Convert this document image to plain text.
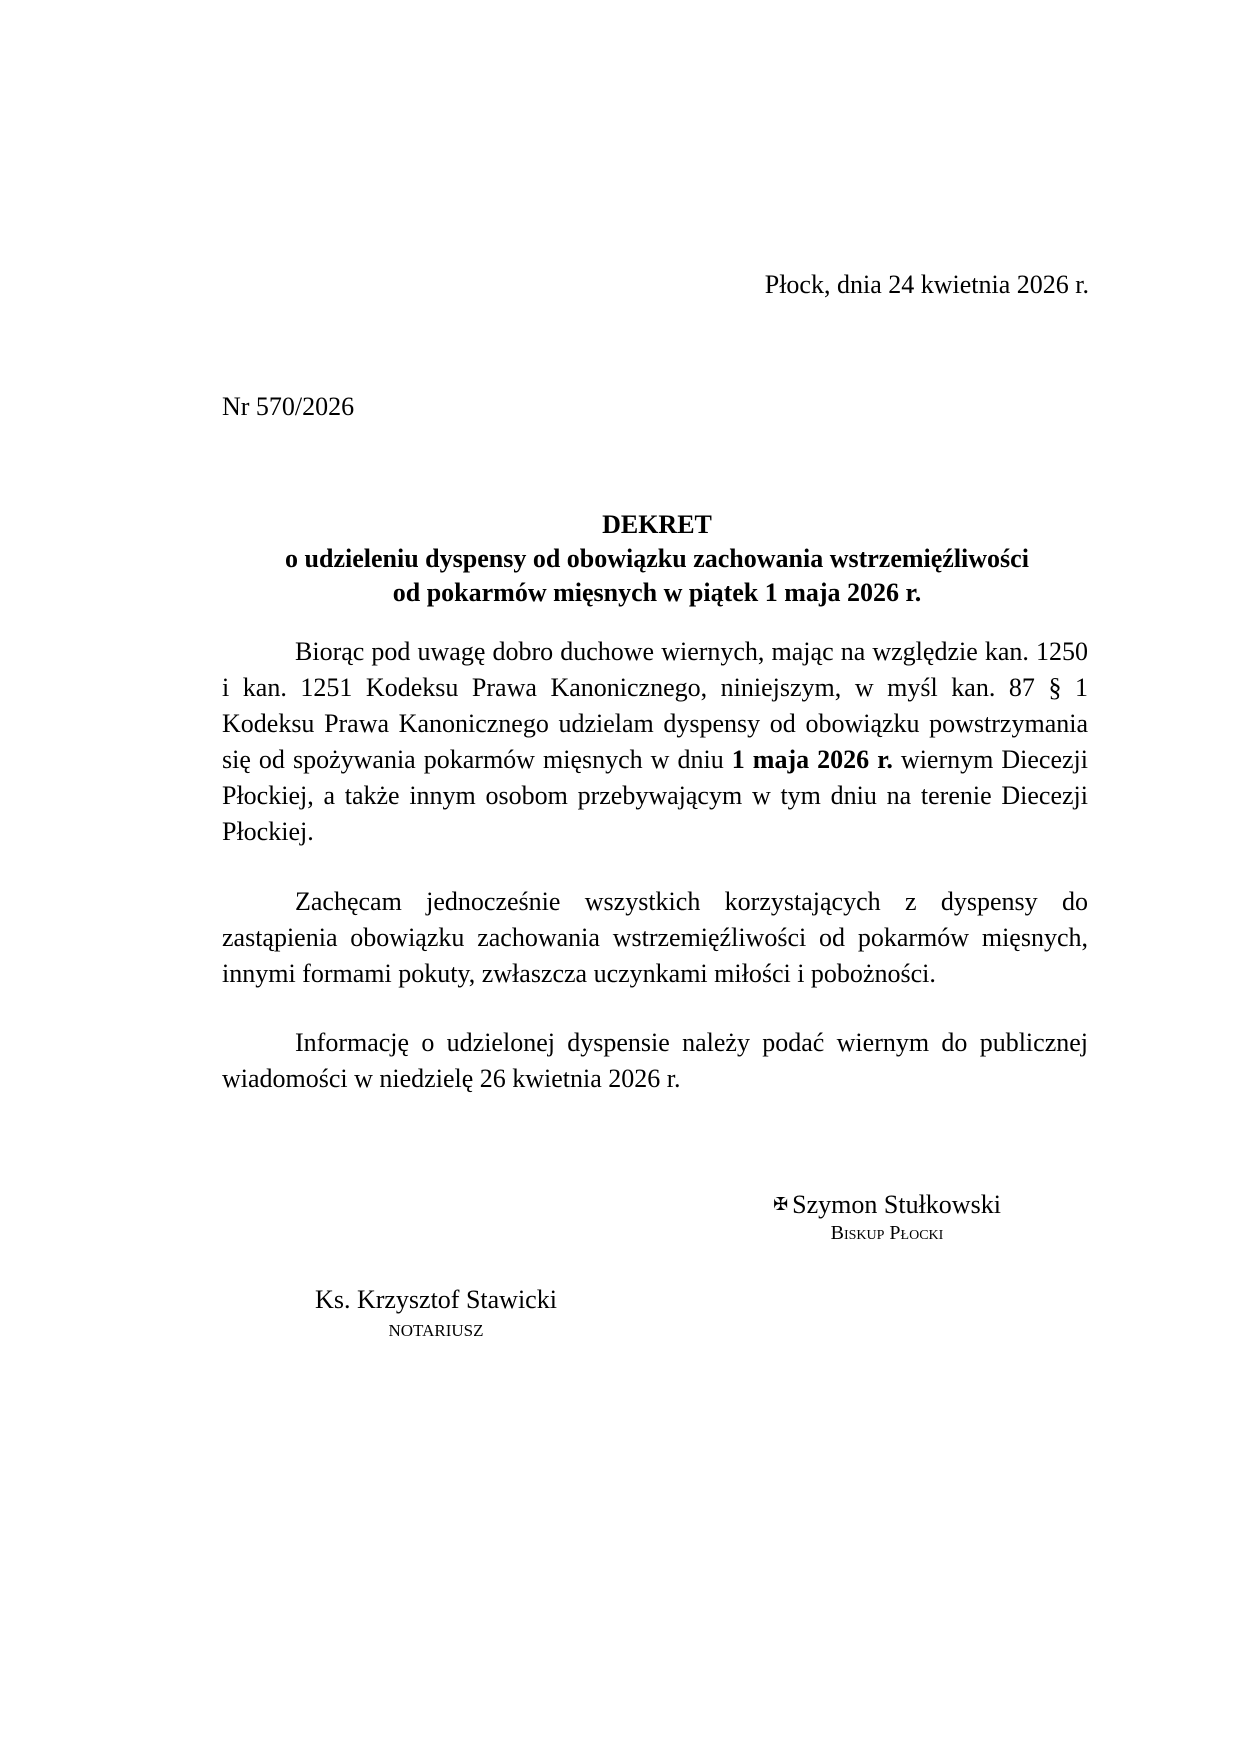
Płock, dnia 24 kwietnia 2026 r.
Nr 570/2026
DEKRET
o udzieleniu dyspensy od obowiązku zachowania wstrzemięźliwości
od pokarmów mięsnych w piątek 1 maja 2026 r.

Biorąc pod uwagę dobro duchowe wiernych, mając na względzie kan. 1250 i kan. 1251 Kodeksu Prawa Kanonicznego, niniejszym, w myśl kan. 87 § 1 Kodeksu Prawa Kanonicznego udzielam dyspensy od obowiązku powstrzymania się od spożywania pokarmów mięsnych w dniu 1 maja 2026 r. wiernym Diecezji Płockiej, a także innym osobom przebywającym w tym dniu na terenie Diecezji Płockiej.

Zachęcam jednocześnie wszystkich korzystających z dyspensy do zastąpienia obowiązku zachowania wstrzemięźliwości od pokarmów mięsnych, innymi formami pokuty, zwłaszcza uczynkami miłości i pobożności.

Informację o udzielonej dyspensie należy podać wiernym do publicznej wiadomości w niedzielę 26 kwietnia 2026 r.

✠ Szymon Stułkowski
Biskup Płocki
Ks. Krzysztof Stawicki
NOTARIUSZ
